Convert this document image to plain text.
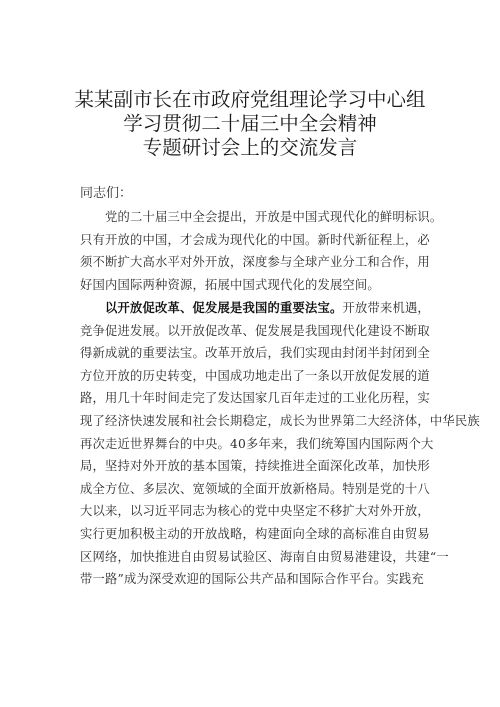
某某副市长在市政府党组理论学习中心组
学习贯彻二十届三中全会精神
专题研讨会上的交流发言
同志们：
党的二十届三中全会提出，开放是中国式现代化的鲜明标识。
只有开放的中国，才会成为现代化的中国。新时代新征程上，必
须不断扩大高水平对外开放，深度参与全球产业分工和合作，用
好国内国际两种资源，拓展中国式现代化的发展空间。
以开放促改革、促发展是我国的重要法宝。开放带来机遇，
竞争促进发展。以开放促改革、促发展是我国现代化建设不断取
得新成就的重要法宝。改革开放后，我们实现由封闭半封闭到全
方位开放的历史转变，中国成功地走出了一条以开放促发展的道
路，用几十年时间走完了发达国家几百年走过的工业化历程，实
现了经济快速发展和社会长期稳定，成长为世界第二大经济体，中华民族
再次走近世界舞台的中央。40多年来，我们统筹国内国际两个大
局，坚持对外开放的基本国策，持续推进全面深化改革，加快形
成全方位、多层次、宽领域的全面开放新格局。特别是党的十八
大以来，以习近平同志为核心的党中央坚定不移扩大对外开放，
实行更加积极主动的开放战略，构建面向全球的高标准自由贸易
区网络，加快推进自由贸易试验区、海南自由贸易港建设，共建“一
带一路”成为深受欢迎的国际公共产品和国际合作平台。实践充
